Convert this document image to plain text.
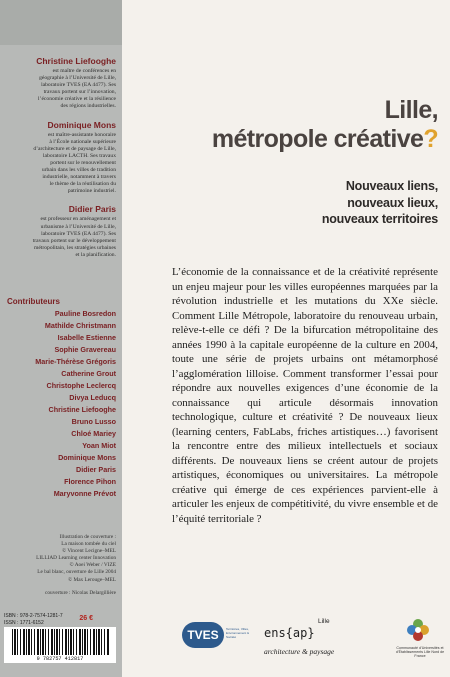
Christine Liefooghe
est maître de conférences en
géographie à l’Université de Lille,
laboratoire TVES (EA 4477). Ses
travaux portent sur l’innovation,
l’économie créative et la résilience
des régions industrielles.
Dominique Mons
est maître-assistante honoraire
à l’École nationale supérieure
d’architecture et de paysage de Lille,
laboratoire LACTH. Ses travaux
portent sur le renouvellement
urbain dans les villes de tradition
industrielle, notamment à travers
le thème de la réutilisation du
patrimoine industriel.
Didier Paris
est professeur en aménagement et
urbanisme à l’Université de Lille,
laboratoire TVES (EA 4477). Ses
travaux portent sur le développement
métropolitain, les stratégies urbaines
et la planification.
Contributeurs
Pauline Bosredon
Mathilde Christmann
Isabelle Estienne
Sophie Gravereau
Marie-Thérèse Grégoris
Catherine Grout
Christophe Leclercq
Divya Leducq
Christine Liefooghe
Bruno Lusso
Chloé Mariey
Yoan Miot
Dominique Mons
Didier Paris
Florence Pihon
Maryvonne Prévot
Illustration de couverture :
La maison tombée du ciel
© Vincent Lecigne–MEL
LILLIAD Learning center Innovation
© Aoei Weber / VIZE
Le bal blanc, ouverture de Lille 2004
© Max Lerouge–MEL
couverture : Nicolas Delargillière
ISBN : 978-2-7574-1281-7
ISSN : 1771-6152
26 €
9 782757 412817
Lille,
métropole créative?
Nouveaux liens,
nouveaux lieux,
nouveaux territoires
L’économie de la connaissance et de la créativité représente un enjeu majeur pour les villes européennes marquées par la révolution industrielle et les mutations du XXe siècle. Comment Lille Métropole, laboratoire du renouveau urbain, relève-t-elle ce défi ? De la bifurcation métropolitaine des années 1990 à la capitale européenne de la culture en 2004, toute une série de projets urbains ont métamorphosé l’agglomération lilloise. Comment transformer l’essai pour répondre aux nouvelles exigences d’une économie de la connaissance qui articule désormais innovation technologique, culture et créativité ? De nouveaux lieux (learning centers, FabLabs, friches artistiques…) favorisent la rencontre entre des milieux intellectuels et sociaux différents. De nouveaux liens se créent autour de projets artistiques, économiques ou universitaires. La métropole créative qui émerge de ces expériences parvient-elle à articuler les enjeux de compétitivité, du vivre ensemble et de l’équité territoriale ?
TVES	Territoires, Villes, Environnement & Société	ens{ap}
Lille
architecture & paysage	Communauté d’Universités et d’Établissements Lille Nord de France
